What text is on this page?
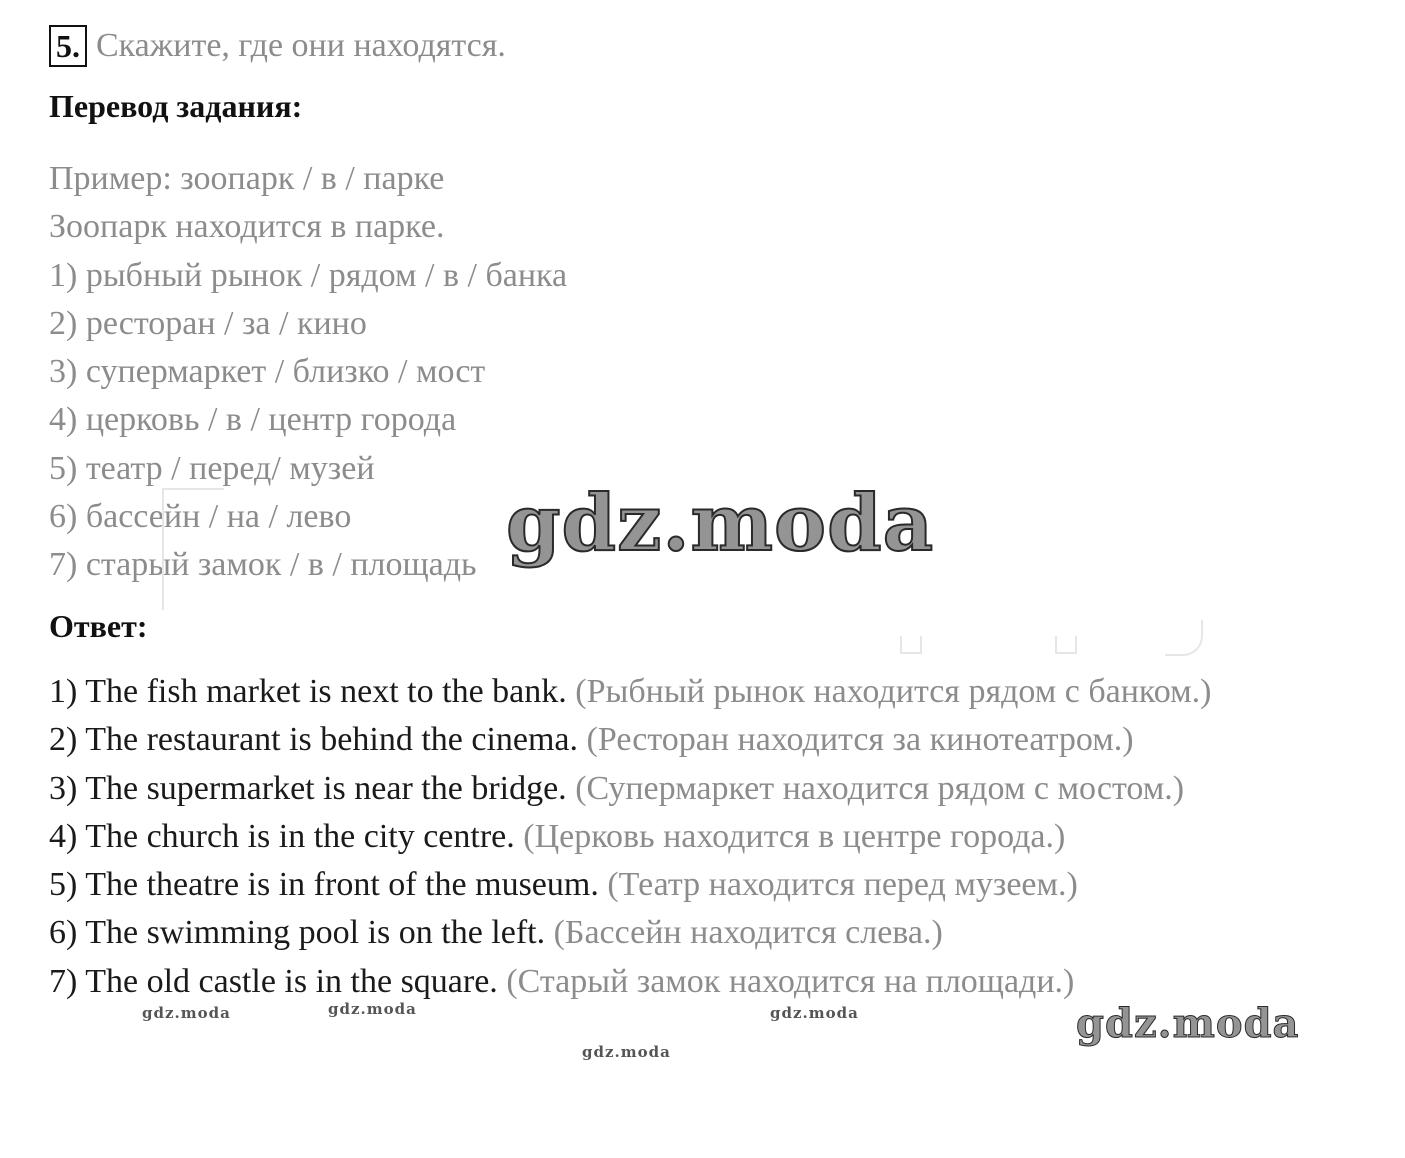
5. Скажите, где они находятся.
Перевод задания:
Пример: зоопарк / в / парке
Зоопарк находится в парке.
1) рыбный рынок / рядом / в / банка
2) ресторан / за / кино
3) супермаркет / близко / мост
4) церковь / в / центр города
5) театр / перед/ музей
6) бассейн / на / лево
7) старый замок / в / площадь
Ответ:
1) The fish market is next to the bank. (Рыбный рынок находится рядом с банком.)
2) The restaurant is behind the cinema. (Ресторан находится за кинотеатром.)
3) The supermarket is near the bridge. (Супермаркет находится рядом с мостом.)
4) The church is in the city centre. (Церковь находится в центре города.)
5) The theatre is in front of the museum. (Театр находится перед музеем.)
6) The swimming pool is on the left. (Бассейн находится слева.)
7) The old castle is in the square. (Старый замок находится на площади.)
gdz.moda
gdz.moda
gdz.moda	gdz.moda	gdz.moda
gdz.moda
